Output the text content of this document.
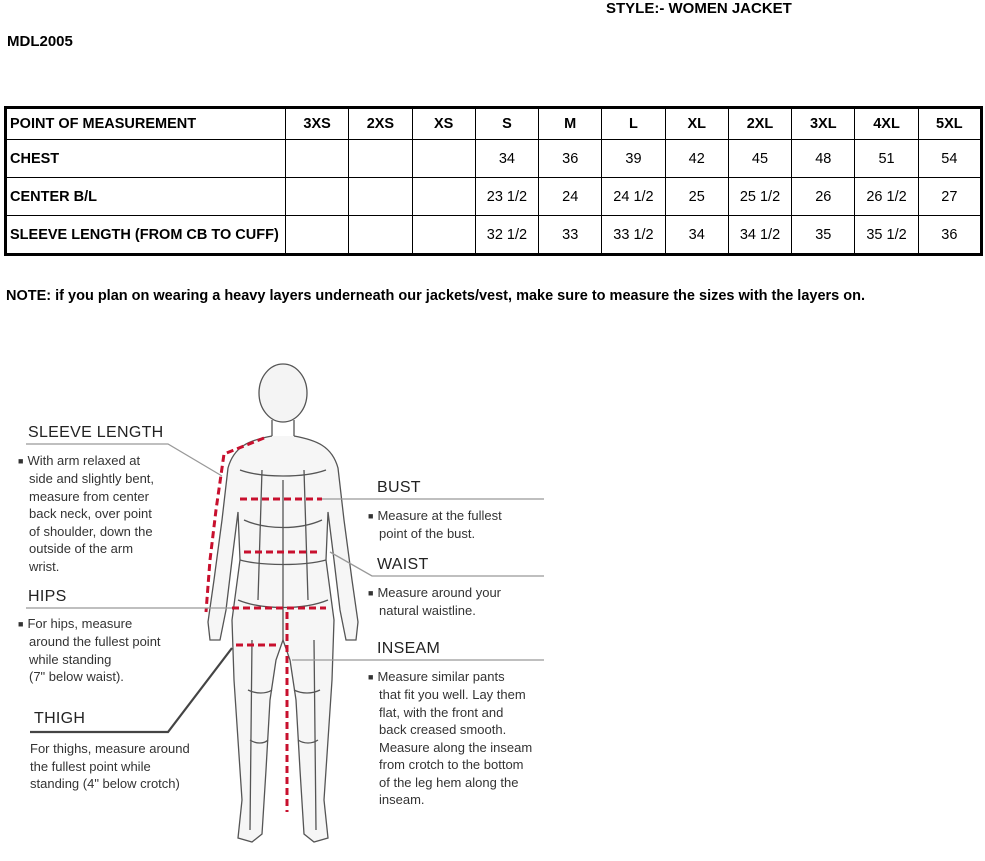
STYLE:- WOMEN JACKET
MDL2005
POINT OF MEASUREMENT	3XS	2XS	XS	S	M	L	XL	2XL	3XL	4XL	5XL
CHEST				34	36	39	42	45	48	51	54
CENTER B/L				23 1/2	24	24 1/2	25	25 1/2	26	26 1/2	27
SLEEVE LENGTH (FROM CB TO CUFF)				32 1/2	33	33 1/2	34	34 1/2	35	35 1/2	36
NOTE: if you plan on wearing a heavy layers underneath our jackets/vest, make sure to measure the sizes with the layers on.
SLEEVE LENGTH
■ With arm relaxed at
side and slightly bent,
measure from center
back neck, over point
of shoulder, down the
outside of the arm
wrist.
HIPS
■ For hips, measure
around the fullest point
while standing
(7" below waist).
THIGH
For thighs, measure around
the fullest point while
standing (4" below crotch)
BUST
■ Measure at the fullest
point of the bust.
WAIST
■ Measure around your
natural waistline.
INSEAM
■ Measure similar pants
that fit you well. Lay them
flat, with the front and
back creased smooth.
Measure along the inseam
from crotch to the bottom
of the leg hem along the
inseam.
